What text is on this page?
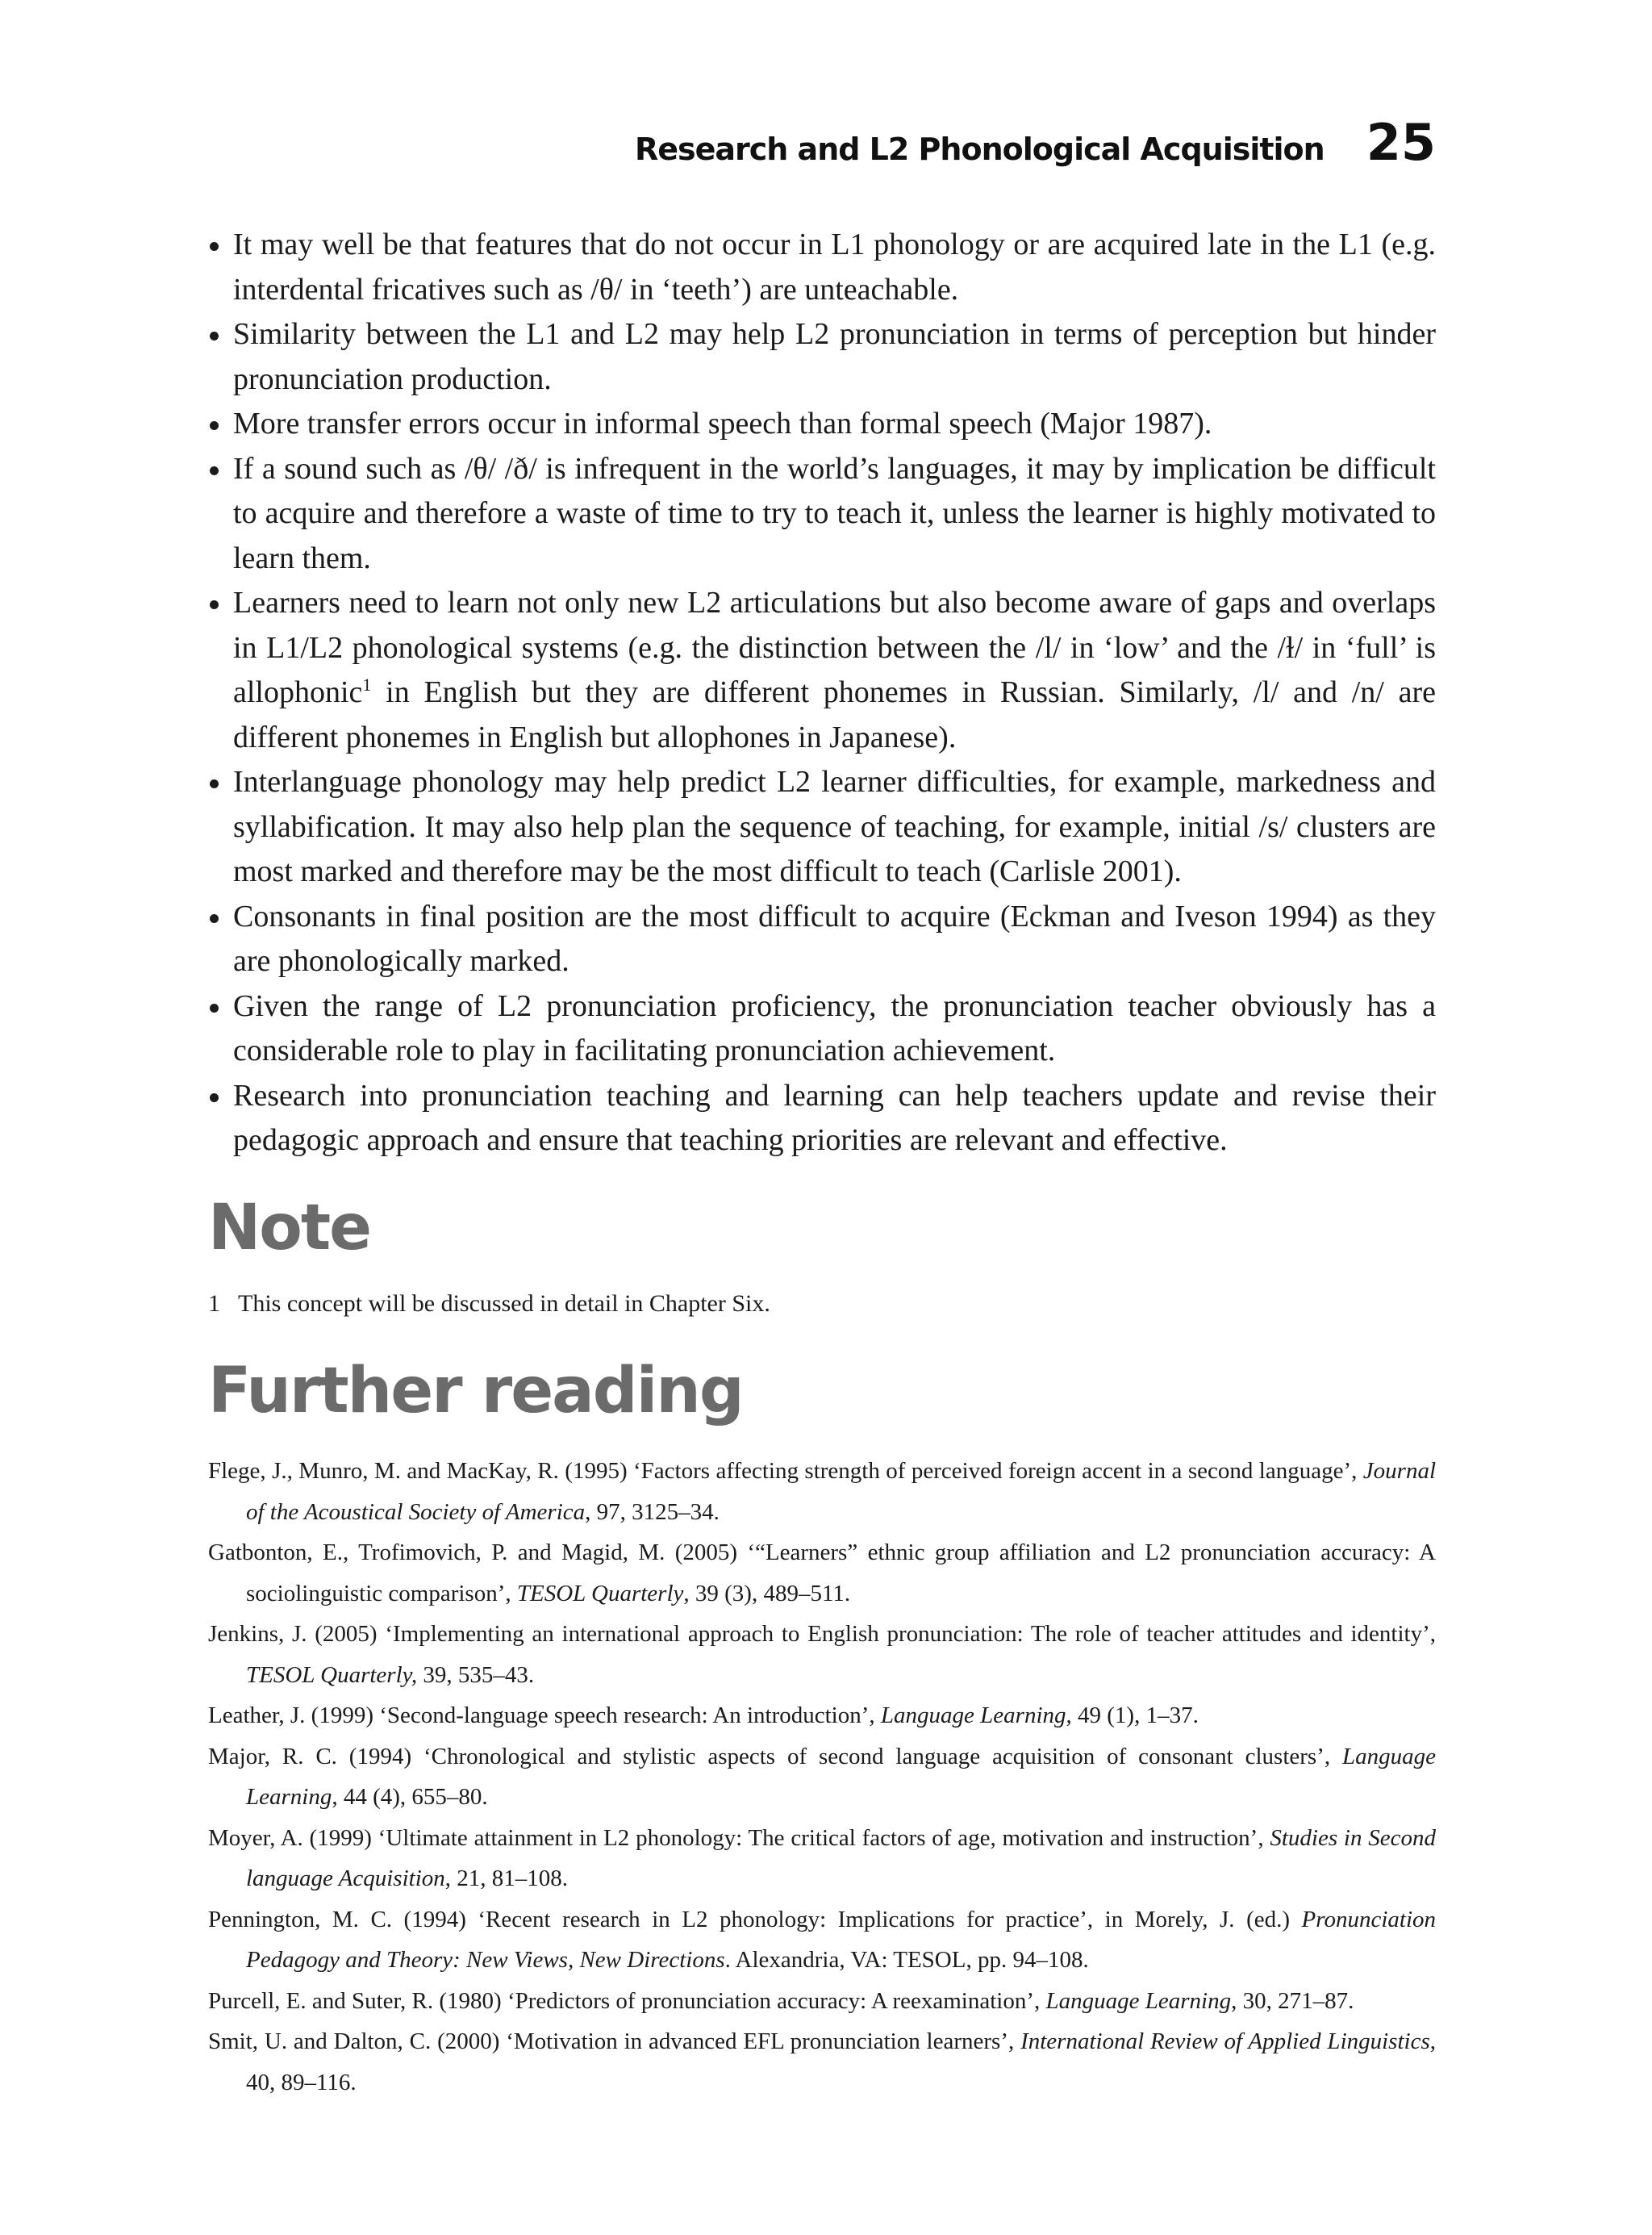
Research and L2 Phonological Acquisition 25
It may well be that features that do not occur in L1 phonology or are acquired late in the L1 (e.g. interdental fricatives such as /θ/ in ‘teeth’) are unteachable.
Similarity between the L1 and L2 may help L2 pronunciation in terms of perception but hinder pronunciation production.
More transfer errors occur in informal speech than formal speech (Major 1987).
If a sound such as /θ/ /ð/ is infrequent in the world’s languages, it may by implication be difficult to acquire and therefore a waste of time to try to teach it, unless the learner is highly motivated to learn them.
Learners need to learn not only new L2 articulations but also become aware of gaps and overlaps in L1/L2 phonological systems (e.g. the distinction between the /l/ in ‘low’ and the /ɫ/ in ‘full’ is allophonic$^1$ in English but they are different phonemes in Russian. Similarly, /l/ and /n/ are different phonemes in English but allophones in Japanese).
Interlanguage phonology may help predict L2 learner difficulties, for example, markedness and syllabification. It may also help plan the sequence of teaching, for example, initial /s/ clusters are most marked and therefore may be the most difficult to teach (Carlisle 2001).
Consonants in final position are the most difficult to acquire (Eckman and Iveson 1994) as they are phonologically marked.
Given the range of L2 pronunciation proficiency, the pronunciation teacher obviously has a considerable role to play in facilitating pronunciation achievement.
Research into pronunciation teaching and learning can help teachers update and revise their pedagogic approach and ensure that teaching priorities are relevant and effective.
Note
1 This concept will be discussed in detail in Chapter Six.
Further reading
Flege, J., Munro, M. and MacKay, R. (1995) ‘Factors affecting strength of perceived foreign accent in a second language’, Journal of the Acoustical Society of America, 97, 3125–34.
Gatbonton, E., Trofimovich, P. and Magid, M. (2005) ‘“Learners” ethnic group affiliation and L2 pronunciation accuracy: A sociolinguistic comparison’, TESOL Quarterly, 39 (3), 489–511.
Jenkins, J. (2005) ‘Implementing an international approach to English pronunciation: The role of teacher attitudes and identity’, TESOL Quarterly, 39, 535–43.
Leather, J. (1999) ‘Second-language speech research: An introduction’, Language Learning, 49 (1), 1–37.
Major, R. C. (1994) ‘Chronological and stylistic aspects of second language acquisition of consonant clusters’, Language Learning, 44 (4), 655–80.
Moyer, A. (1999) ‘Ultimate attainment in L2 phonology: The critical factors of age, motivation and instruction’, Studies in Second language Acquisition, 21, 81–108.
Pennington, M. C. (1994) ‘Recent research in L2 phonology: Implications for practice’, in Morely, J. (ed.) Pronunciation Pedagogy and Theory: New Views, New Directions. Alexandria, VA: TESOL, pp. 94–108.
Purcell, E. and Suter, R. (1980) ‘Predictors of pronunciation accuracy: A reexamination’, Language Learning, 30, 271–87.
Smit, U. and Dalton, C. (2000) ‘Motivation in advanced EFL pronunciation learners’, International Review of Applied Linguistics, 40, 89–116.
